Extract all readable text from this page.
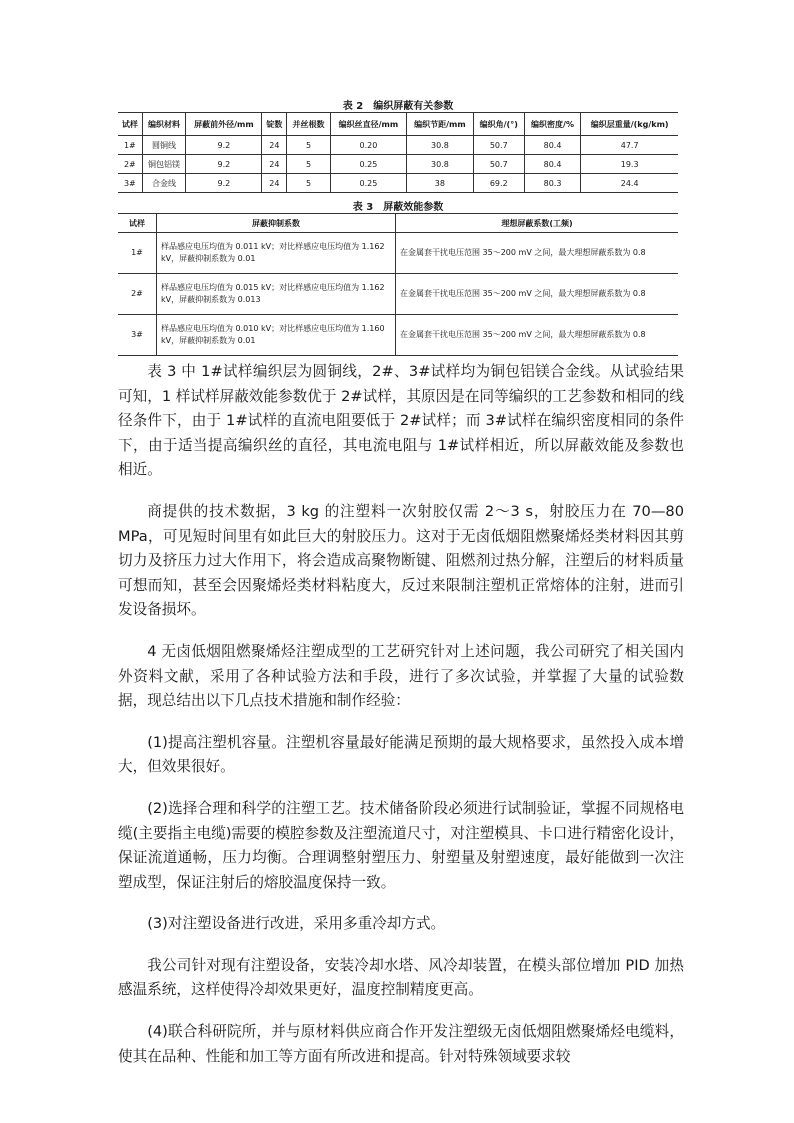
表 2　编织屏蔽有关参数
试样	编织材料	屏蔽前外径/mm	锭数	并丝根数	编织丝直径/mm	编织节距/mm	编织角/(°)	编织密度/%	编织层重量/(kg/km)
1#	圆铜线	9.2	24	5	0.20	30.8	50.7	80.4	47.7
2#	铜包铝镁	9.2	24	5	0.25	30.8	50.7	80.4	19.3
3#	合金线	9.2	24	5	0.25	38	69.2	80.3	24.4
表 3　屏蔽效能参数
试样	屏蔽抑制系数	理想屏蔽系数(工频)
1#	样品感应电压均值为 0.011 kV；对比样感应电压均值为 1.162 kV，屏蔽抑制系数为 0.01	在金属套干扰电压范围 35～200 mV 之间，最大理想屏蔽系数为 0.8
2#	样品感应电压均值为 0.015 kV；对比样感应电压均值为 1.162 kV，屏蔽抑制系数为 0.013	在金属套干扰电压范围 35～200 mV 之间，最大理想屏蔽系数为 0.8
3#	样品感应电压均值为 0.010 kV；对比样感应电压均值为 1.160 kV，屏蔽抑制系数为 0.01	在金属套干扰电压范围 35～200 mV 之间，最大理想屏蔽系数为 0.8

表 3 中 1#试样编织层为圆铜线，2#、3#试样均为铜包铝镁合金线。从试验结果可知，1 样试样屏蔽效能参数优于 2#试样，其原因是在同等编织的工艺参数和相同的线径条件下，由于 1#试样的直流电阻要低于 2#试样；而 3#试样在编织密度相同的条件下，由于适当提高编织丝的直径，其电流电阻与 1#试样相近，所以屏蔽效能及参数也相近。

商提供的技术数据，3 kg 的注塑料一次射胶仅需 2～3 s，射胶压力在 70—80 MPa，可见短时间里有如此巨大的射胶压力。这对于无卤低烟阻燃聚烯烃类材料因其剪切力及挤压力过大作用下，将会造成高聚物断键、阻燃剂过热分解，注塑后的材料质量可想而知，甚至会因聚烯烃类材料粘度大，反过来限制注塑机正常熔体的注射，进而引发设备损坏。

4 无卤低烟阻燃聚烯烃注塑成型的工艺研究针对上述问题，我公司研究了相关国内外资料文献，采用了各种试验方法和手段，进行了多次试验，并掌握了大量的试验数据，现总结出以下几点技术措施和制作经验：

(1)提高注塑机容量。注塑机容量最好能满足预期的最大规格要求，虽然投入成本增大，但效果很好。

(2)选择合理和科学的注塑工艺。技术储备阶段必须进行试制验证，掌握不同规格电缆(主要指主电缆)需要的模腔参数及注塑流道尺寸，对注塑模具、卡口进行精密化设计，保证流道通畅，压力均衡。合理调整射塑压力、射塑量及射塑速度，最好能做到一次注塑成型，保证注射后的熔胶温度保持一致。

(3)对注塑设备进行改进，采用多重冷却方式。

我公司针对现有注塑设备，安装冷却水塔、风冷却装置，在模头部位增加 PID 加热感温系统，这样使得冷却效果更好，温度控制精度更高。

(4)联合科研院所，并与原材料供应商合作开发注塑级无卤低烟阻燃聚烯烃电缆料，使其在品种、性能和加工等方面有所改进和提高。针对特殊领域要求较
